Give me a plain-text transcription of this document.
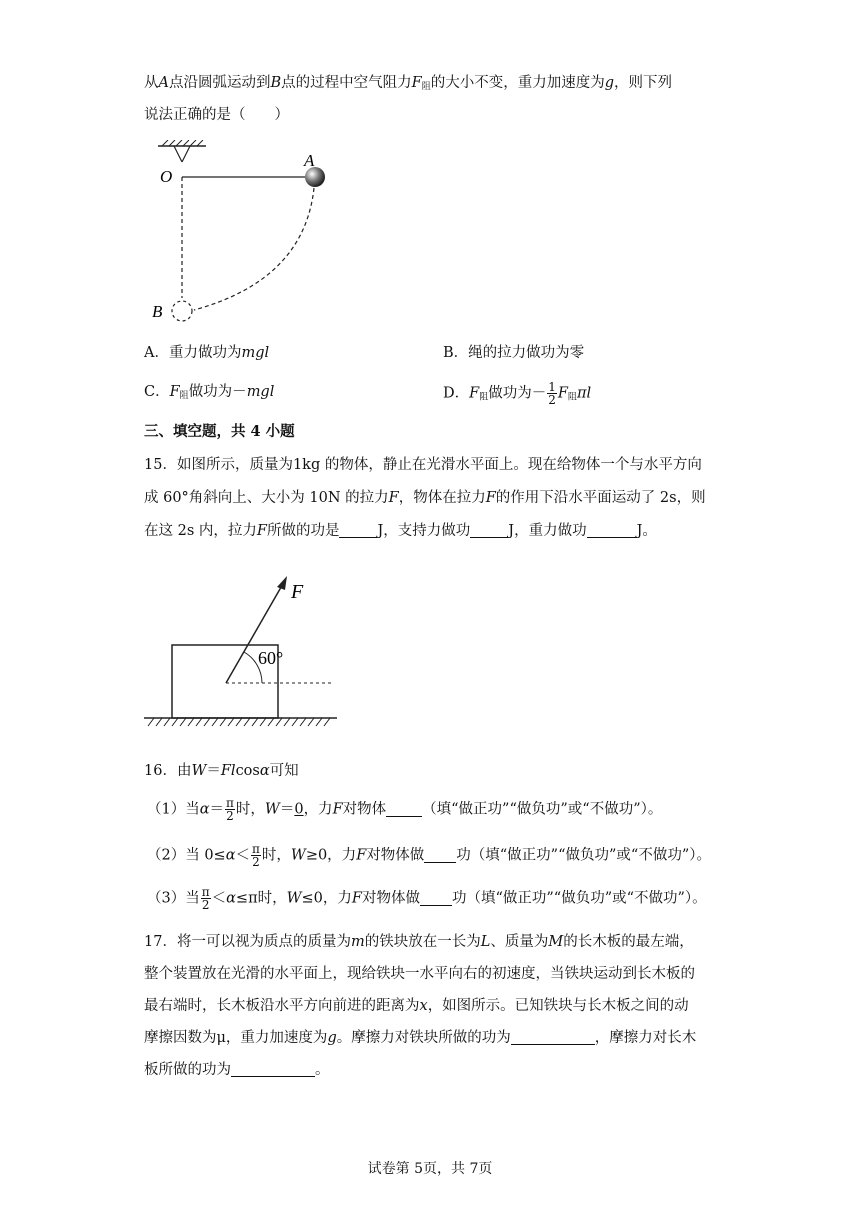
从A点沿圆弧运动到B点的过程中空气阻力$F_阻$的大小不变，重力加速度为g，则下列
说法正确的是（　　）
O
A
B
A．重力做功为mgl	B．绳的拉力做功为零
C．$F_阻$做功为－mgl	D．$F_阻$做功为－ $\frac{1}{2} F_阻\pi l$
三、填空题，共 4 小题
15．如图所示，质量为1kg 的物体，静止在光滑水平面上。现在给物体一个与水平方向
成 60°角斜向上、大小为 10N 的拉力F，物体在拉力F的作用下沿水平面运动了 2s，则
在这 2s 内，拉力F所做的功是	J，支持力做功	J，重力做功	J。
F
60°
16．由W＝Flcosα可知
（1）当$\alpha= \frac{\pi}{2}$ 时，W＝0，力F对物体 （填“做正功”“做负功”或“不做功”）。
（2）当 $0\le\alpha< \frac{\pi}{2}$ 时，W≥0，力F对物体做 功（填“做正功”“做负功”或“不做功”）。
（3）当 $\frac{\pi}{2} <\alpha\le\pi$时，W≤0，力F对物体做 功（填“做正功”“做负功”或“不做功”）。
17．将一可以视为质点的质量为m的铁块放在一长为L、质量为M的长木板的最左端，
整个装置放在光滑的水平面上，现给铁块一水平向右的初速度，当铁块运动到长木板的
最右端时，长木板沿水平方向前进的距离为x，如图所示。已知铁块与长木板之间的动
摩擦因数为μ，重力加速度为g。摩擦力对铁块所做的功为	，摩擦力对长木
板所做的功为	。
试卷第 5页，共 7页
